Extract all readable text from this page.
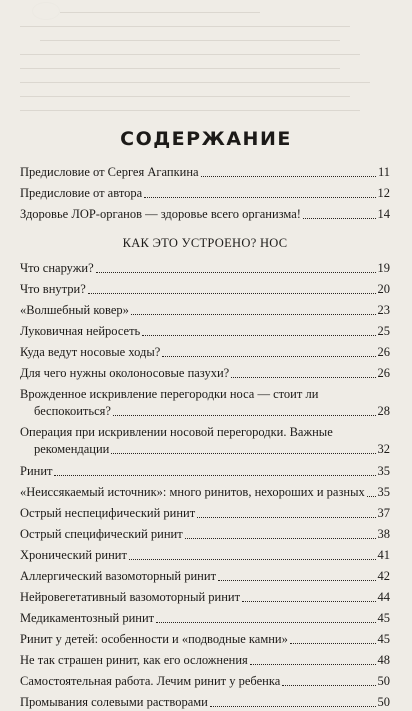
СОДЕРЖАНИЕ
Предисловие от Сергея Агапкина	11
Предисловие от автора	12
Здоровье ЛОР-органов — здоровье всего организма!	14
КАК ЭТО УСТРОЕНО? НОС
Что снаружи?	19
Что внутри?	20
«Волшебный ковер»	23
Луковичная нейросеть	25
Куда ведут носовые ходы?	26
Для чего нужны околоносовые пазухи?	26
Врожденное искривление перегородки носа — стоит ли
беспокоиться?	28
Операция при искривлении носовой перегородки. Важные
рекомендации	32
Ринит	35
«Неиссякаемый источник»: много ринитов, нехороших и разных 35
Острый неспецифический ринит	37
Острый специфический ринит	38
Хронический ринит	41
Аллергический вазомоторный ринит	42
Нейровегетативный вазомоторный ринит	44
Медикаментозный ринит	45
Ринит у детей: особенности и «подводные камни»	45
Не так страшен ринит, как его осложнения	48
Самостоятельная работа. Лечим ринит у ребенка	50
Промывания солевыми растворами	50
